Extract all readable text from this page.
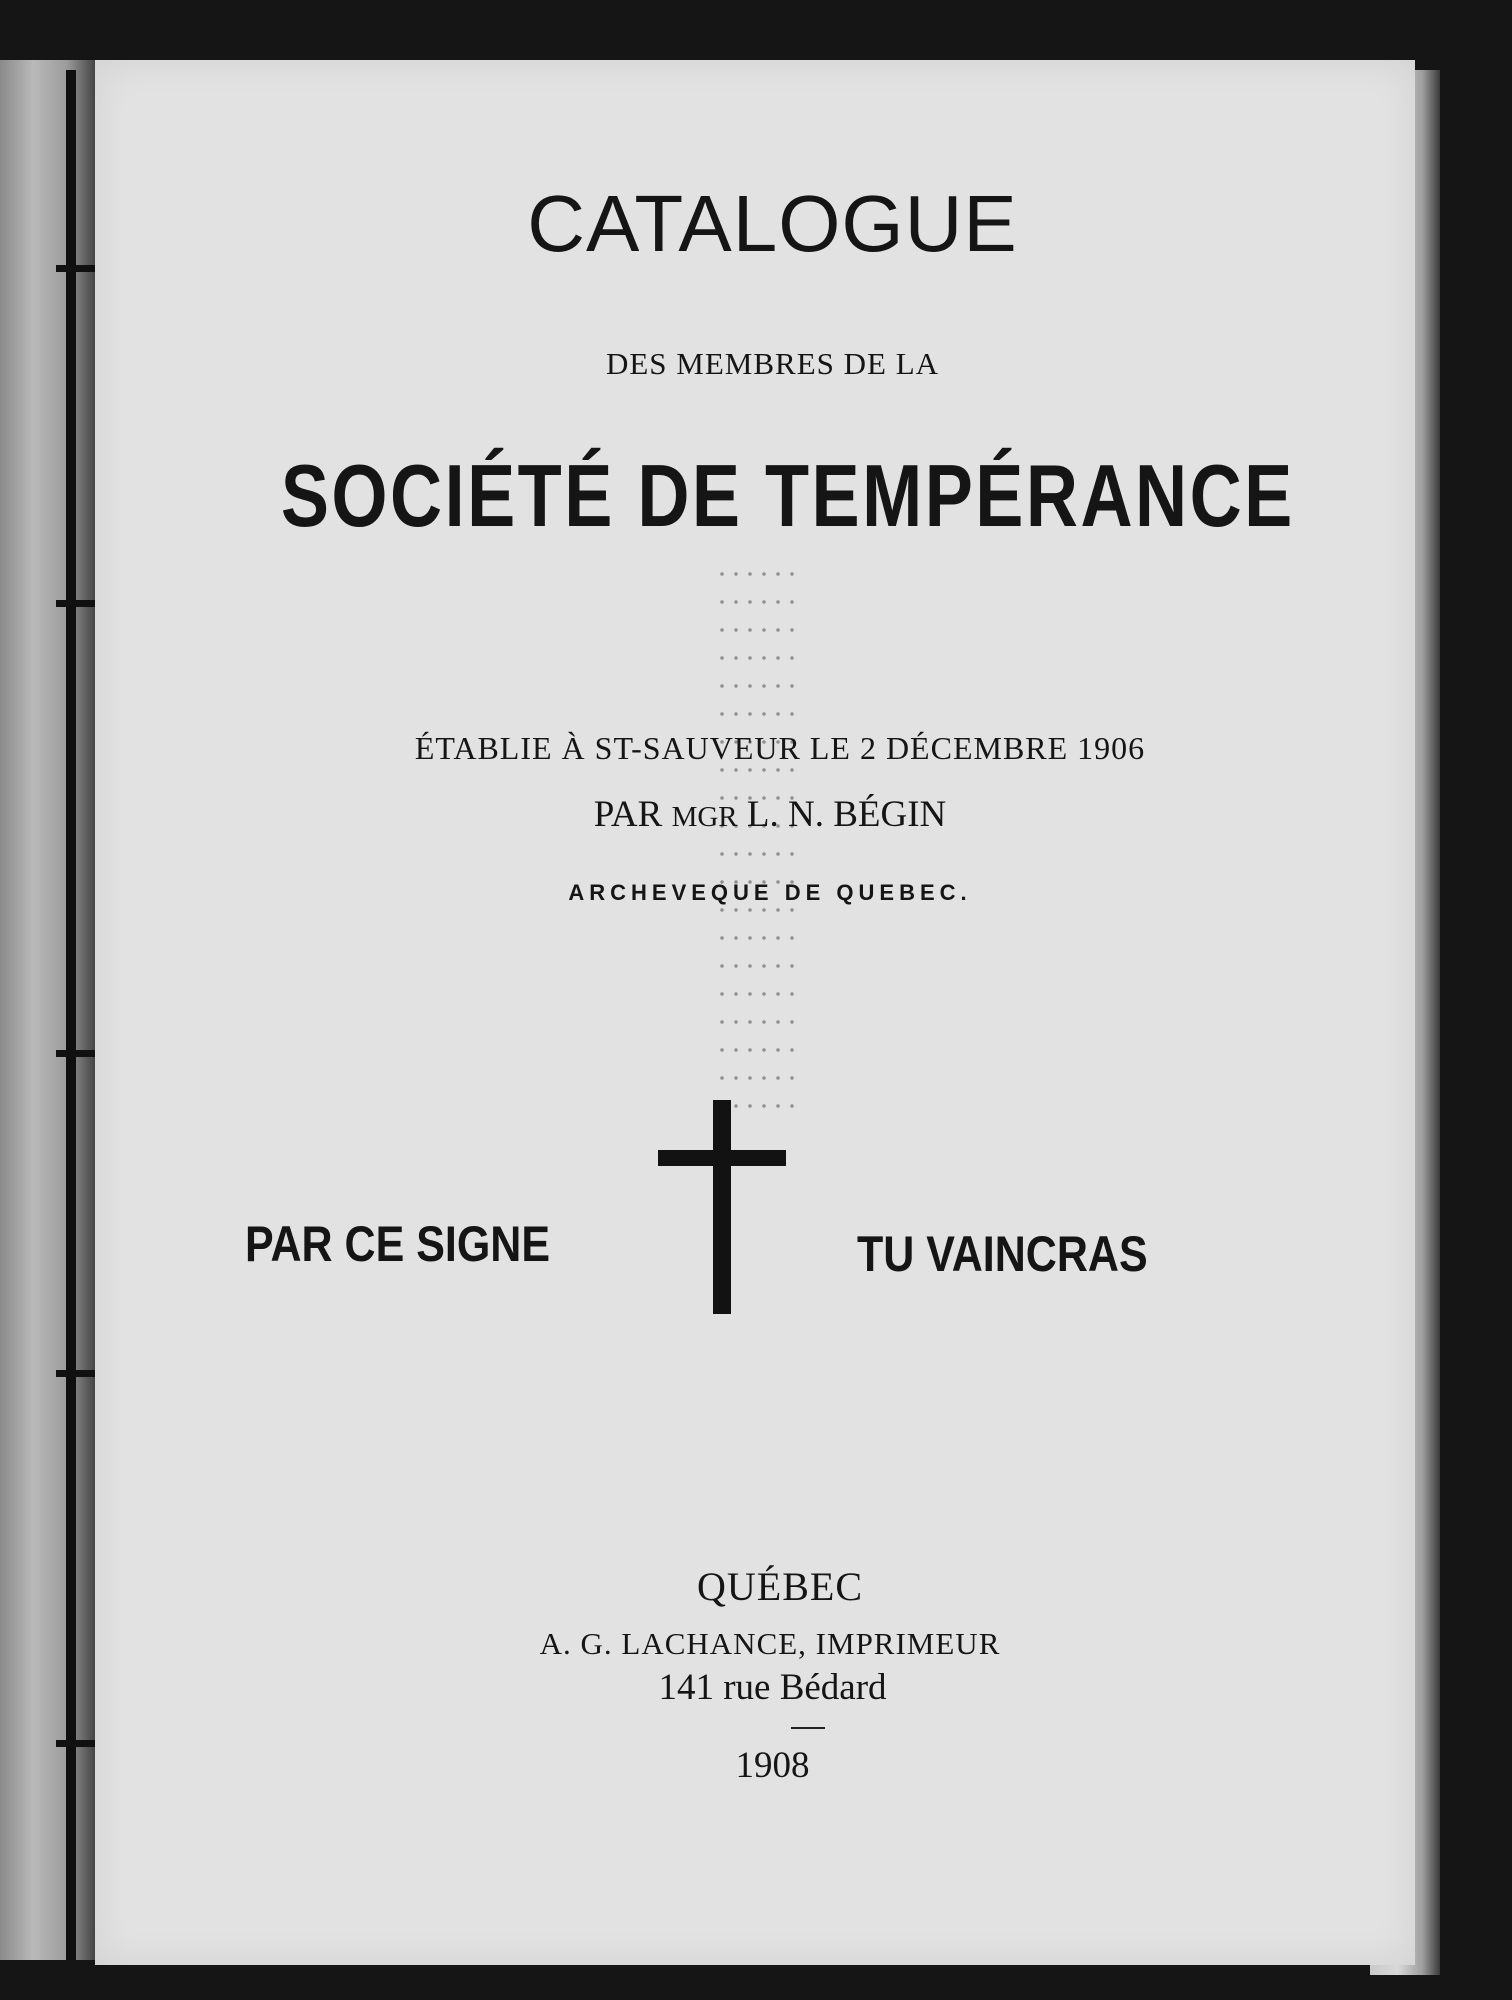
CATALOGUE
DES MEMBRES DE LA
SOCIÉTÉ DE TEMPÉRANCE
ÉTABLIE À ST-SAUVEUR LE 2 DÉCEMBRE 1906
PAR MGR L. N. BÉGIN
ARCHEVEQUE DE QUEBEC.
PAR CE SIGNE	TU VAINCRAS
QUÉBEC
A. G. LACHANCE, IMPRIMEUR
141 rue Bédard
1908
